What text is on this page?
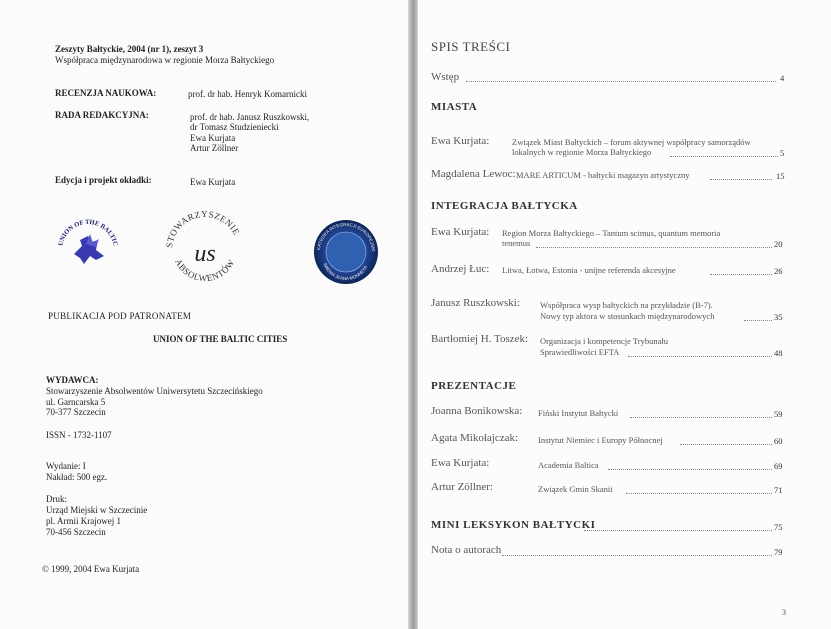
Zeszyty Bałtyckie, 2004 (nr 1), zeszyt 3
Współpraca międzynarodowa w regionie Morza Bałtyckiego
RECENZJA NAUKOWA:	prof. dr hab. Henryk Komarnicki
RADA REDAKCYJNA:	prof. dr hab. Janusz Ruszkowski,
dr Tomasz Studzieniecki
Ewa Kurjata
Artur Zöllner
Edycja i projekt okładki:	Ewa Kurjata
UNION OF THE BALTIC	STOWARZYSZENIE
ABSOLWENTÓW
us	KATEDRA INTEGRACJI EUROPEJSKI
IMIENIA JEANA MONNETA
PUBLIKACJA POD PATRONATEM
UNION OF THE BALTIC CITIES
WYDAWCA:
Stowarzyszenie Absolwentów Uniwersytetu Szczecińskiego
ul. Garncarska 5
70-377 Szczecin
ISSN - 1732-1107
Wydanie: I
Nakład: 500 egz.
Druk:
Urząd Miejski w Szczecinie
pl. Armii Krajowej 1
70-456 Szczecin
© 1999, 2004 Ewa Kurjata
SPIS TREŚCI
Wstęp	4
MIASTA
Ewa Kurjata:	Związek Miast Bałtyckich – forum aktywnej współpracy samorządów
lokalnych w regionie Morza Bałtyckiego	5
Magdalena Lewoc: MARE ARTICUM - bałtycki magazyn artystyczny	15
INTEGRACJA BAŁTYCKA
Ewa Kurjata: Region Morza Bałtyckiego – Tantum scimus, quantum memoria
tenemus	20
Andrzej Łuc: Litwa, Łotwa, Estonia - unijne referenda akcesyjne	26
Janusz Ruszkowski: Współpraca wysp bałtyckich na przykładzie (B-7).
Nowy typ aktora w stosunkach międzynarodowych	35
Bartłomiej H. Toszek: Organizacja i kompetencje Trybunału
Sprawiedliwości EFTA	48
PREZENTACJE
Joanna Bonikowska: Fiński Instytut Bałtycki	59
Agata Mikołajczak: Instytut Niemiec i Europy Północnej	60
Ewa Kurjata:	Academia Baltica	69
Artur Zöllner:	Związek Gmin Skanii	71
MINI LEKSYKON BAŁTYCKI	75
Nota o autorach	79
3
